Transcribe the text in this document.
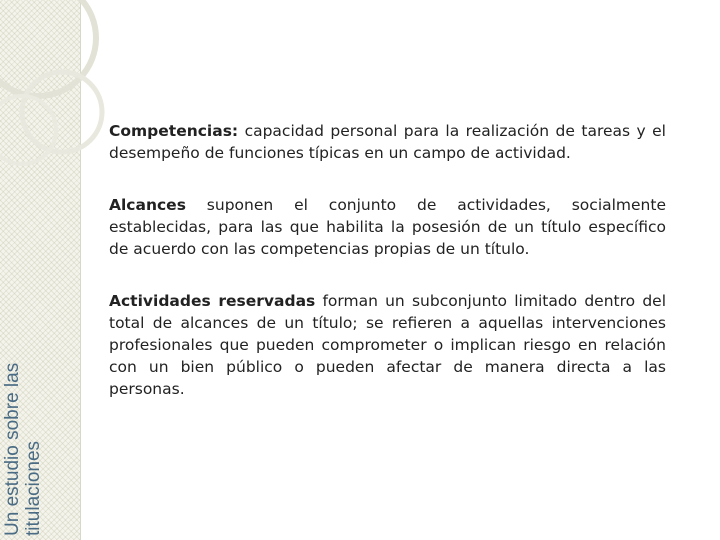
Un estudio sobre las titulaciones

Competencias: capacidad personal para la realización de tareas y el desempeño de funciones típicas en un campo de actividad.

Alcances suponen el conjunto de actividades, socialmente establecidas, para las que habilita la posesión de un título específico de acuerdo con las competencias propias de un título.

Actividades reservadas forman un subconjunto limitado dentro del total de alcances de un título; se refieren a aquellas intervenciones profesionales que pueden comprometer o implican riesgo en relación con un bien público o pueden afectar de manera directa a las personas.
